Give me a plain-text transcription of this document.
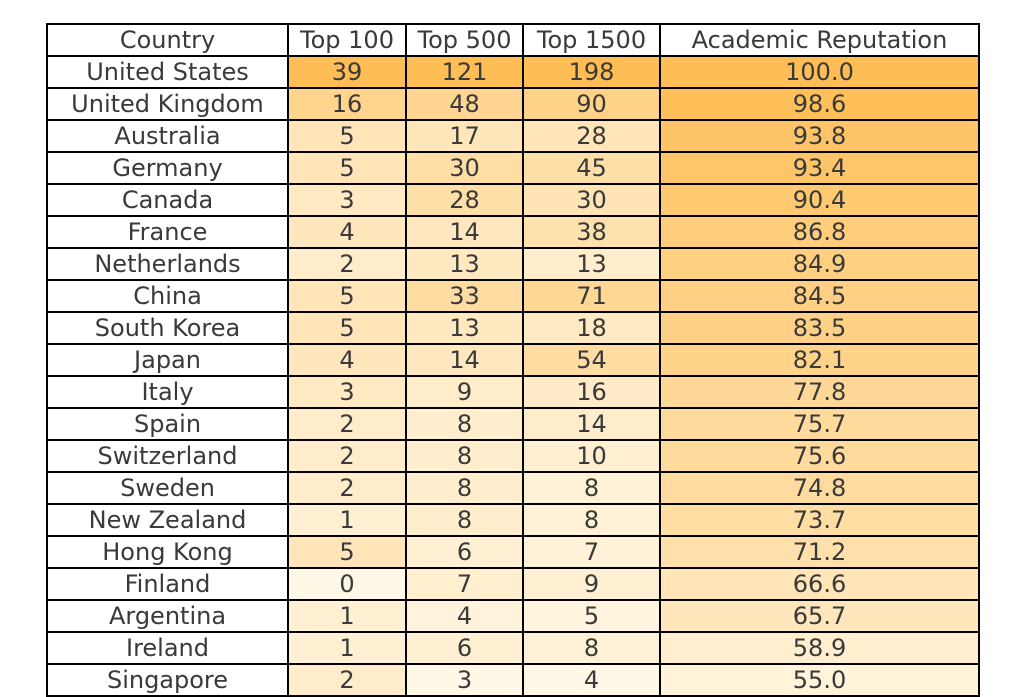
Country	Top 100	Top 500	Top 1500	Academic Reputation
United States	39	121	198	100.0
United Kingdom	16	48	90	98.6
Australia	5	17	28	93.8
Germany	5	30	45	93.4
Canada	3	28	30	90.4
France	4	14	38	86.8
Netherlands	2	13	13	84.9
China	5	33	71	84.5
South Korea	5	13	18	83.5
Japan	4	14	54	82.1
Italy	3	9	16	77.8
Spain	2	8	14	75.7
Switzerland	2	8	10	75.6
Sweden	2	8	8	74.8
New Zealand	1	8	8	73.7
Hong Kong	5	6	7	71.2
Finland	0	7	9	66.6
Argentina	1	4	5	65.7
Ireland	1	6	8	58.9
Singapore	2	3	4	55.0
